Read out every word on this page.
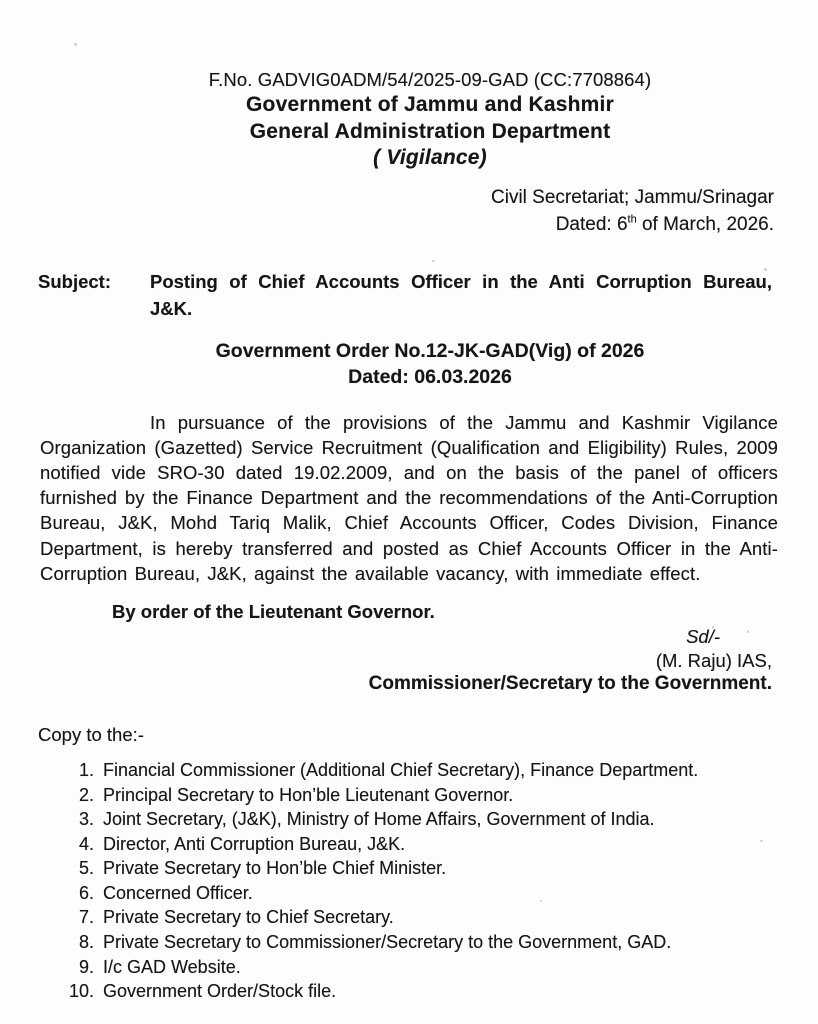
F.No. GADVIG0ADM/54/2025-09-GAD (CC:7708864)
Government of Jammu and Kashmir
General Administration Department
( Vigilance)
Civil Secretariat; Jammu/Srinagar
Dated: 6th of March, 2026.
Subject:	Posting of Chief Accounts Officer in the Anti Corruption Bureau, J&K.
Government Order No.12-JK-GAD(Vig) of 2026
Dated: 06.03.2026
In pursuance of the provisions of the Jammu and Kashmir Vigilance Organization (Gazetted) Service Recruitment (Qualification and Eligibility) Rules, 2009 notified vide SRO-30 dated 19.02.2009, and on the basis of the panel of officers furnished by the Finance Department and the recommendations of the Anti-Corruption Bureau, J&K, Mohd Tariq Malik, Chief Accounts Officer, Codes Division, Finance Department, is hereby transferred and posted as Chief Accounts Officer in the Anti-Corruption Bureau, J&K, against the available vacancy, with immediate effect.
By order of the Lieutenant Governor.
Sd/-
(M. Raju) IAS,
Commissioner/Secretary to the Government.
Copy to the:-
1. Financial Commissioner (Additional Chief Secretary), Finance Department.
2. Principal Secretary to Hon’ble Lieutenant Governor.
3. Joint Secretary, (J&K), Ministry of Home Affairs, Government of India.
4. Director, Anti Corruption Bureau, J&K.
5. Private Secretary to Hon’ble Chief Minister.
6. Concerned Officer.
7. Private Secretary to Chief Secretary.
8. Private Secretary to Commissioner/Secretary to the Government, GAD.
9. I/c GAD Website.
10. Government Order/Stock file.
